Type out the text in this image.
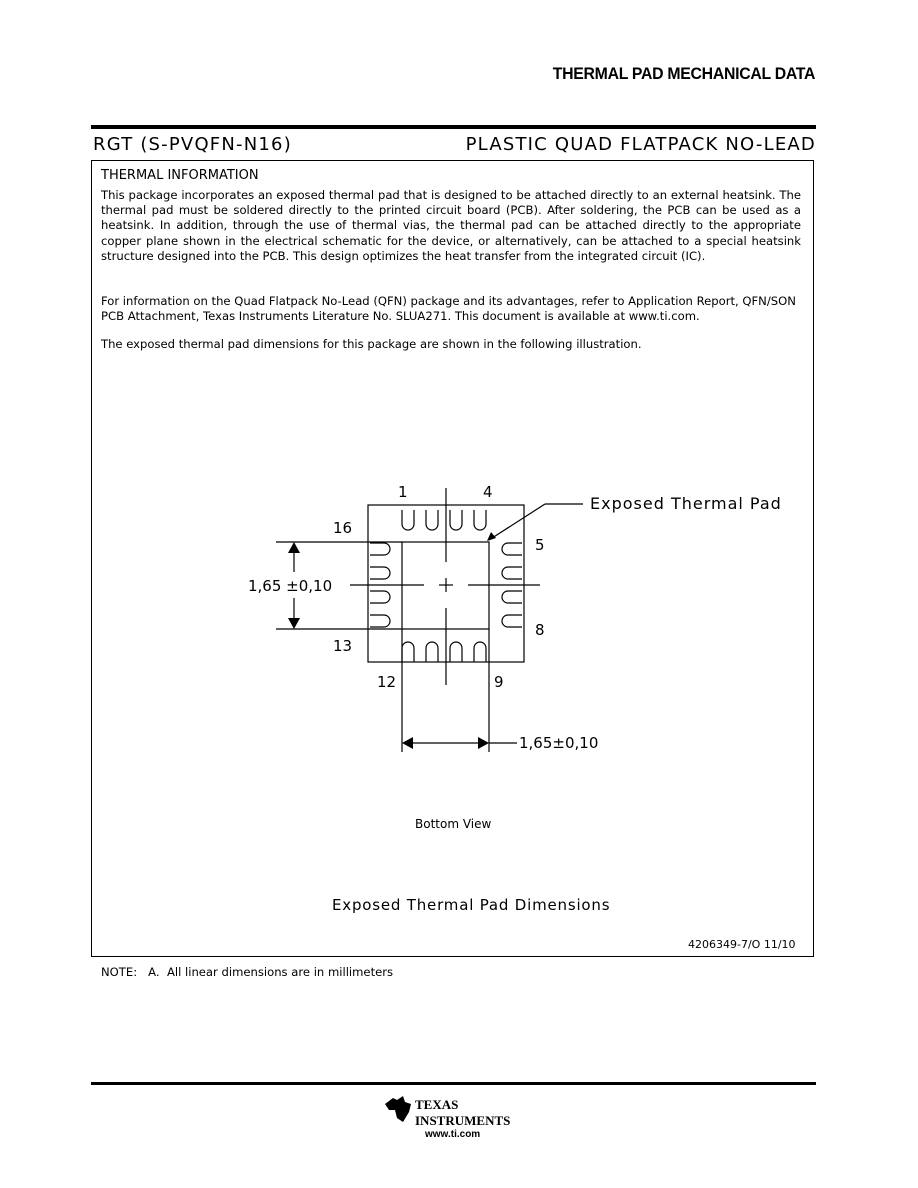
THERMAL PAD MECHANICAL DATA
RGT (S-PVQFN-N16)	PLASTIC QUAD FLATPACK NO-LEAD
THERMAL INFORMATION
This package incorporates an exposed thermal pad that is designed to be attached directly to an external heatsink. The thermal pad must be soldered directly to the printed circuit board (PCB). After soldering, the PCB can be used as a heatsink. In addition, through the use of thermal vias, the thermal pad can be attached directly to the appropriate copper plane shown in the electrical schematic for the device, or alternatively, can be attached to a special heatsink structure designed into the PCB. This design optimizes the heat transfer from the integrated circuit (IC).
For information on the Quad Flatpack No-Lead (QFN) package and its advantages, refer to Application Report, QFN/SON PCB Attachment, Texas Instruments Literature No. SLUA271. This document is available at www.ti.com.
The exposed thermal pad dimensions for this package are shown in the following illustration.
1	4
16
5
8
13
12	9
1,65 ±0,10
1,65±0,10
Exposed Thermal Pad
Bottom View
Exposed Thermal Pad Dimensions
4206349-7/O 11/10
NOTE:   A.  All linear dimensions are in millimeters
TEXAS
INSTRUMENTS
www.ti.com
